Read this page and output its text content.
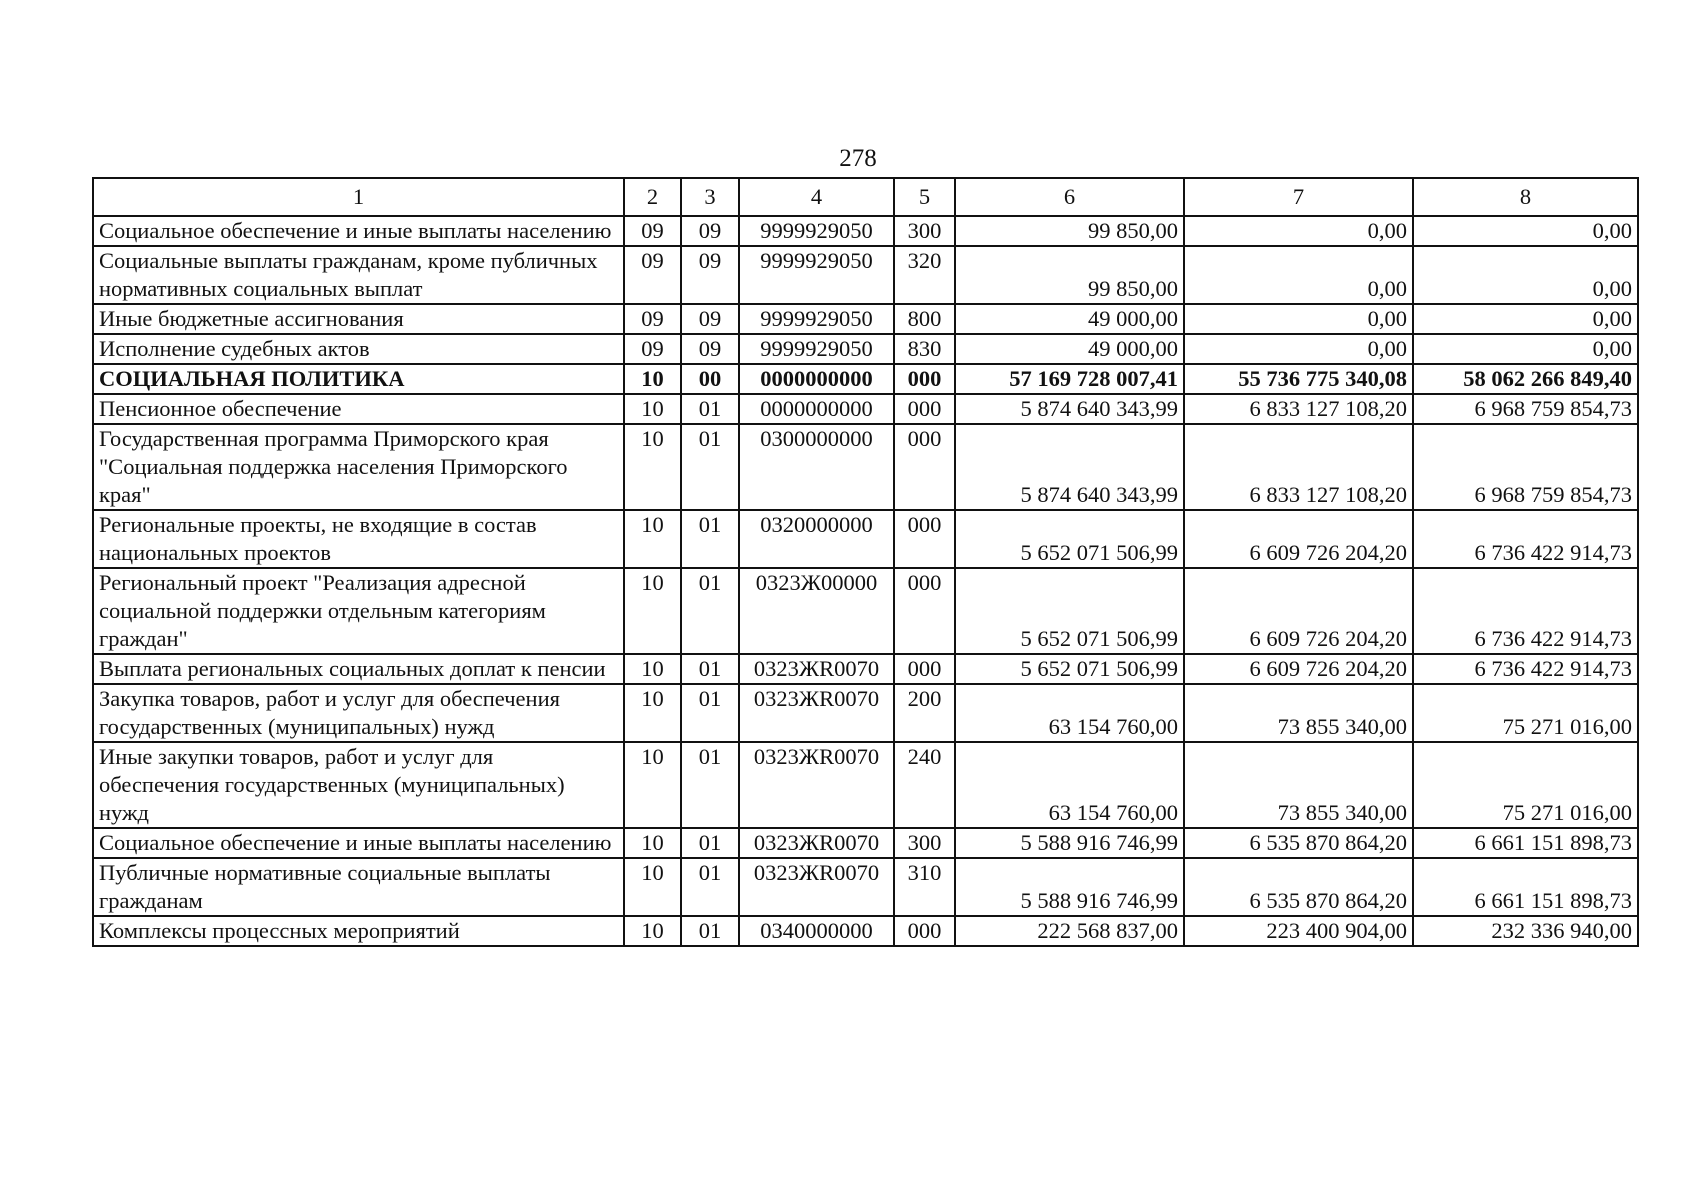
278
1	2	3	4	5	6	7	8
Социальное обеспечение и иные выплаты населению	09	09	9999929050	300	99 850,00	0,00	0,00
Социальные выплаты гражданам, кроме публичных нормативных социальных выплат	09	09	9999929050	320	99 850,00	0,00	0,00
Иные бюджетные ассигнования	09	09	9999929050	800	49 000,00	0,00	0,00
Исполнение судебных актов	09	09	9999929050	830	49 000,00	0,00	0,00
СОЦИАЛЬНАЯ ПОЛИТИКА	10	00	0000000000	000	57 169 728 007,41	55 736 775 340,08	58 062 266 849,40
Пенсионное обеспечение	10	01	0000000000	000	5 874 640 343,99	6 833 127 108,20	6 968 759 854,73
Государственная программа Приморского края "Социальная поддержка населения Приморского края"	10	01	0300000000	000	5 874 640 343,99	6 833 127 108,20	6 968 759 854,73
Региональные проекты, не входящие в состав национальных проектов	10	01	0320000000	000	5 652 071 506,99	6 609 726 204,20	6 736 422 914,73
Региональный проект "Реализация адресной социальной поддержки отдельным категориям граждан"	10	01	0323Ж00000	000	5 652 071 506,99	6 609 726 204,20	6 736 422 914,73
Выплата региональных социальных доплат к пенсии	10	01	0323ЖR0070	000	5 652 071 506,99	6 609 726 204,20	6 736 422 914,73
Закупка товаров, работ и услуг для обеспечения государственных (муниципальных) нужд	10	01	0323ЖR0070	200	63 154 760,00	73 855 340,00	75 271 016,00
Иные закупки товаров, работ и услуг для обеспечения государственных (муниципальных) нужд	10	01	0323ЖR0070	240	63 154 760,00	73 855 340,00	75 271 016,00
Социальное обеспечение и иные выплаты населению	10	01	0323ЖR0070	300	5 588 916 746,99	6 535 870 864,20	6 661 151 898,73
Публичные нормативные социальные выплаты гражданам	10	01	0323ЖR0070	310	5 588 916 746,99	6 535 870 864,20	6 661 151 898,73
Комплексы процессных мероприятий	10	01	0340000000	000	222 568 837,00	223 400 904,00	232 336 940,00
